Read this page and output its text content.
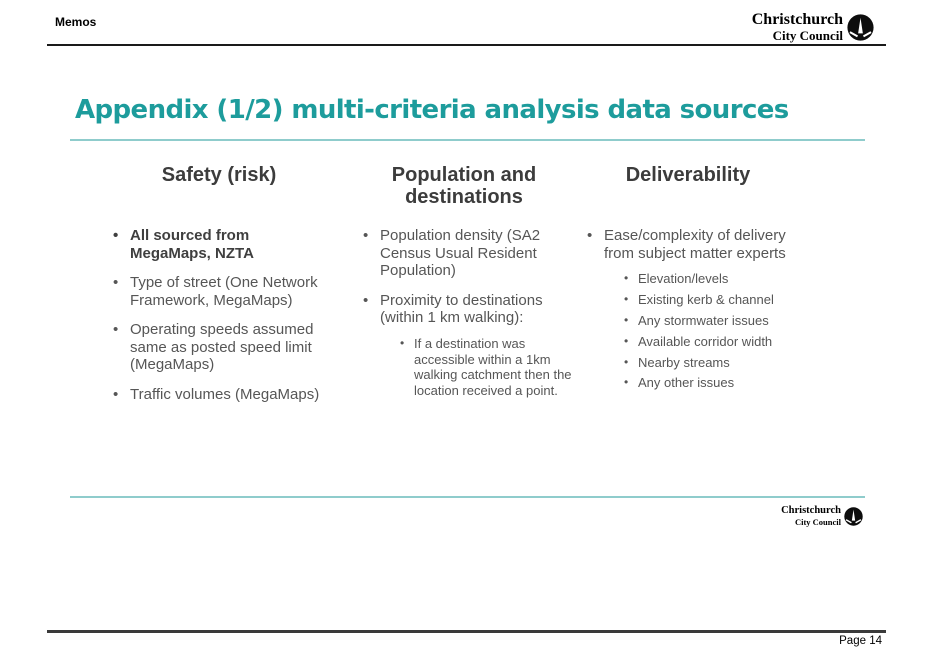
Memos	Christchurch
City Council
Appendix (1/2) multi-criteria analysis data sources
Safety (risk)
• All sourced from MegaMaps, NZTA
• Type of street (One Network Framework, MegaMaps)
• Operating speeds assumed same as posted speed limit (MegaMaps)
• Traffic volumes (MegaMaps)
Population and destinations
• Population density (SA2 Census Usual Resident Population)
• Proximity to destinations (within 1 km walking):
• If a destination was accessible within a 1km walking catchment then the location received a point.
Deliverability
• Ease/complexity of delivery from subject matter experts
• Elevation/levels
• Existing kerb & channel
• Any stormwater issues
• Available corridor width
• Nearby streams
• Any other issues
Christchurch
City Council
Page 14
